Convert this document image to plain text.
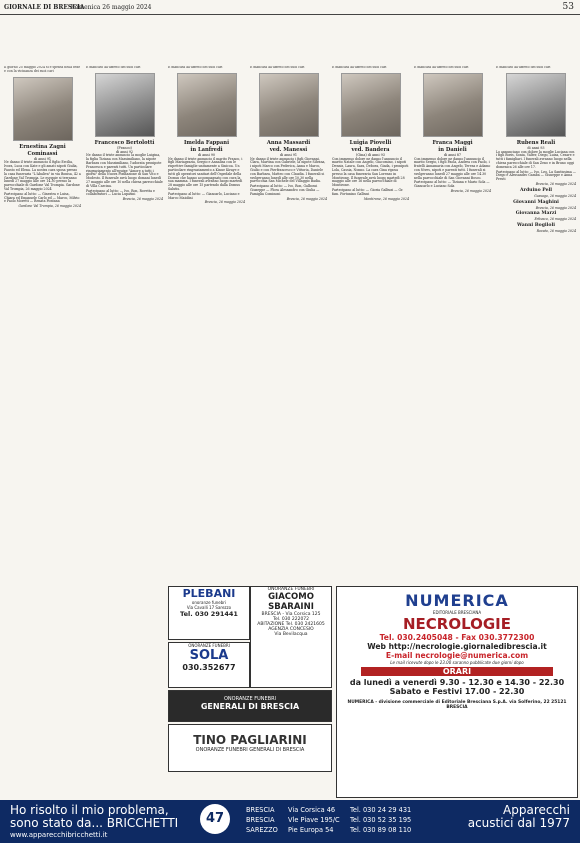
GIORNALE DI BRESCIA
Domenica 26 maggio 2024	53

Il giorno 25 maggio 2024 si è spenta nella fede e con la vicinanza dei suoi cari

Ernestina Zagni
Cominassi
di anni 91

Ne danno il triste annuncio il figlio Ercilia, Ivora, Luca con Kate e gli amati nipoti Giulia, Fausto ed Elena. La nostra cara sposa presso la casa funeraria "L'Abaliva" in via Bonisa, 42 a Gardone Val Trompia. Le esequie si terranno lunedì 27 maggio alle ore 14.30 presso la parrocchiale di Gardone Val Trompia. Gardone Val Trompia, 26 maggio 2024

Partecipano al lutto: — Ginestra e Luisa, Chiara ed Emanuele Carlo ed — Marco, Milvio e Paolo Moretti — Renata Fontana

Gardone Val Trompia, 26 maggio 2024

È mancato all'affetto dei suoi cari

Francesco Bertolotti
(Franco)
di anni 92

Ne danno il triste annuncio la moglie Luigina, la figlia Tiziana con Massimiliano, la nipote Barbara con Massimiliano, l'adorata pronipote Francesca e parenti tutti. Un particolare ringraziamento all'equipe "Amore a tutti i giorni" della Nuova Fondazione di San Vito e Modesto. Il funerale avrà luogo domani lunedì 27 maggio alle ore 10 nella chiesa parrocchiale di Villa Carcina.

Partecipano al lutto: — Ivo, Ron, Rovetta e collaboratori — Lucia Lupatini

Brescia, 26 maggio 2024

È mancata all'affetto dei suoi cari

Imelda Fappani
in Lanfredi
di anni 90

Ne danno il triste annuncio il marito Franco, i figli Mariagrazia, Sergio e Annalisa con le rispettive famiglie unitamente a Sinicoa. Un particolare ringraziamento a Kinue Kiraye e tutti gli operatori sanitari dell'Ospedale della Domus che hanno accompagnato con cura la sua mamma. I funerali avranno luogo martedì 28 maggio alle ore 15 partendo dalla Domus Salutis.

Partecipano al lutto: — Giancarlo, Luciano e Marco Maiolini

Brescia, 26 maggio 2024

È mancata all'affetto dei suoi cari

Anna Massardi
ved. Manessi
di anni 91

Ne danno il triste annuncio i figli Giovanni, Clara, Martina con Gabriele, la nipote Silvana, i nipoti Marco con Federica, Anna e Marco, Giulio e con Pierfrancesco e Vittoria, Daniele con Barbara, Matteo con Claudia. I funerali si svolgeranno lunedì alle ore 10.30 nella parrocchia San Michele del Villaggio Badia.

Partecipano al lutto: — Ivo, Ron, Galbossi Giuseppe — Flora Alessandro con Giulia — Famiglia Cominoni

Brescia, 26 maggio 2024

È mancata all'affetto dei suoi cari

Luigia Piovelli
ved. Bandera
(Gina) di anni 93

Con immenso dolore ne danno l'annuncio il marito Natale con Angelo, Giacomino, i nipoti Dennis, Laura, Sara, Debora, Giada, i pronipoti Lola, Cassia, Nonno. La cara Gina riposa presso la casa funeraria San Lorenzo in Montirone. Il funerale avrà luogo martedì 28 maggio alle ore 16 nella parrocchiale di Montirone.

Partecipano al lutto: — Gioria Galbusi — Gr. fam. Fortunino Galbusi

Montirone, 26 maggio 2024

È mancata all'affetto dei suoi cari

Franca Maggi
in Danieli
di anni 87

Con immenso dolore ne danno l'annuncio il marito Sergio, i figli Paola, Andrea con Paolo, i fratelli Annamaria con Angelo, Teresa e Adamo con Nives, nipoti e parenti tutti. I funerali si svolgeranno lunedì 27 maggio alle ore 14.30 nella parrocchiale di San Giovanni Bosco.

Partecipano al lutto: — Tiziana e Mario Sola — Giancarlo e Luciano Sola

Brescia, 26 maggio 2024

È mancato all'affetto dei suoi cari

Rubens Reali
di anni 93

Lo annunciano con dolore la moglie Luciana con i figli Boris, Sonia, Valter, Diego, Luisa, Cesare e tutti i famigliari. I funerali avranno luogo nella chiesa parrocchiale di San Zeno e in Bruno oggi domenica 26 alle ore 17.

Partecipano al lutto: — Ivo, Leo, La Santissima — Diego e Alessandro Gamba — Giuseppe e Anna Presti

Brescia, 26 maggio 2024

Arduino Pell

Gussago, 26 maggio 2024

Giovanni Maghini

Brescia, 26 maggio 2024

Giovanna Marzi

Erbusco, 26 maggio 2024

Wanni Bogiloli

Rovato, 26 maggio 2024

PLEBANI
onoranze funebri
Via Cavalli 17 Sarezzo
Tel. 030 291441
ONORANZE FUNEBRI
SOLA
030.352677
ONORANZE FUNEBRI
GIACOMO SBARAINI
BRESCIA - Via Corsica 125
Tel. 030 222072
ABITAZIONE Tel. 030 2421605
AGENZIA CONCESIO
Via Bevilacqua
ONORANZE FUNEBRI
GENERALI DI BRESCIA
TINO PAGLIARINI
ONORANZE FUNEBRI GENERALI DI BRESCIA
NUMERICA
EDITORIALE BRESCIANA
NECROLOGIE
Tel. 030.2405048 - Fax 030.3772300
Web http://necrologie.giornaledibrescia.it
E-mail necrologie@numerica.com
Le mail ricevute dopo le 23.00 saranno pubblicate due giorni dopo
ORARI
da lunedì a venerdì 9.30 - 12.30 e 14.30 - 22.30
Sabato e Festivi 17.00 - 22.30
NUMERICA - divisione commerciale di Editoriale Bresciana S.p.A. via Solferino, 22 25121 BRESCIA
Ho risolto il mio problema,
sono stato da... BRICCHETTI
www.apparecchibricchetti.it
47
BRESCIA Via Corsica 46 Tel. 030 24 29 431
BRESCIA Vle Piave 195/C Tel. 030 52 35 195
SAREZZO Pie Europa 54	Tel. 030 89 08 110
Apparecchi
acustici dal 1977
